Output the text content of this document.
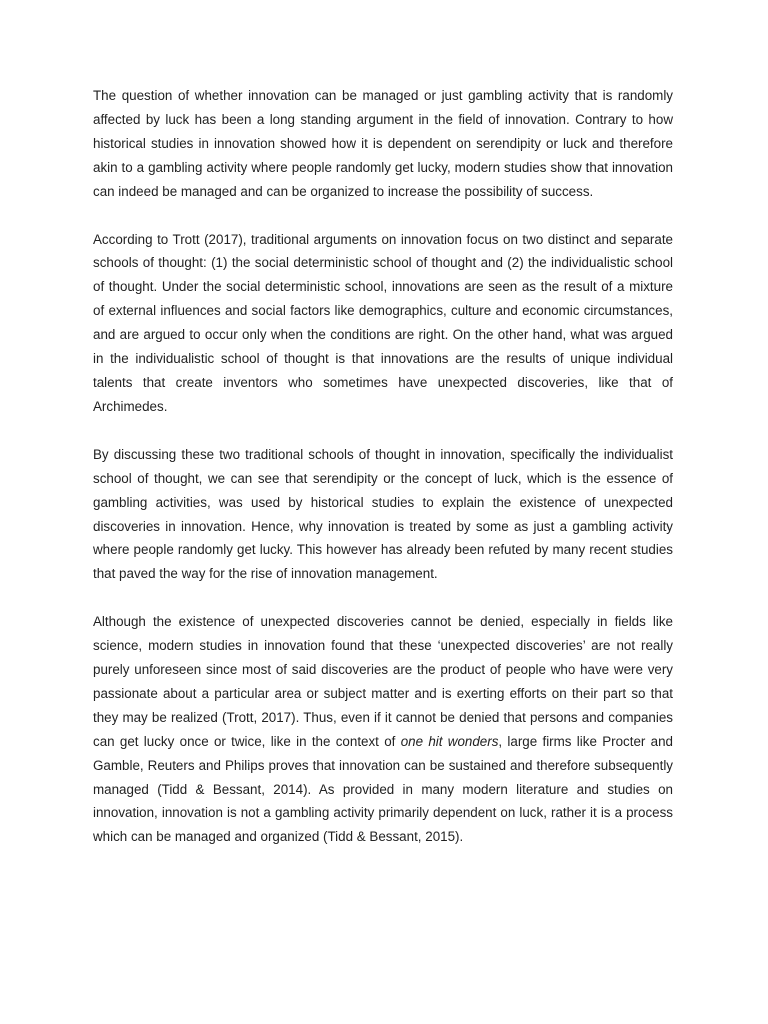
The question of whether innovation can be managed or just gambling activity that is randomly affected by luck has been a long standing argument in the field of innovation. Contrary to how historical studies in innovation showed how it is dependent on serendipity or luck and therefore akin to a gambling activity where people randomly get lucky, modern studies show that innovation can indeed be managed and can be organized to increase the possibility of success.

According to Trott (2017), traditional arguments on innovation focus on two distinct and separate schools of thought: (1) the social deterministic school of thought and (2) the individualistic school of thought. Under the social deterministic school, innovations are seen as the result of a mixture of external influences and social factors like demographics, culture and economic circumstances, and are argued to occur only when the conditions are right. On the other hand, what was argued in the individualistic school of thought is that innovations are the results of unique individual talents that create inventors who sometimes have unexpected discoveries, like that of Archimedes.

By discussing these two traditional schools of thought in innovation, specifically the individualist school of thought, we can see that serendipity or the concept of luck, which is the essence of gambling activities, was used by historical studies to explain the existence of unexpected discoveries in innovation. Hence, why innovation is treated by some as just a gambling activity where people randomly get lucky. This however has already been refuted by many recent studies that paved the way for the rise of innovation management.

Although the existence of unexpected discoveries cannot be denied, especially in fields like science, modern studies in innovation found that these ‘unexpected discoveries’ are not really purely unforeseen since most of said discoveries are the product of people who have were very passionate about a particular area or subject matter and is exerting efforts on their part so that they may be realized (Trott, 2017). Thus, even if it cannot be denied that persons and companies can get lucky once or twice, like in the context of one hit wonders, large firms like Procter and Gamble, Reuters and Philips proves that innovation can be sustained and therefore subsequently managed (Tidd & Bessant, 2014). As provided in many modern literature and studies on innovation, innovation is not a gambling activity primarily dependent on luck, rather it is a process which can be managed and organized (Tidd & Bessant, 2015).
